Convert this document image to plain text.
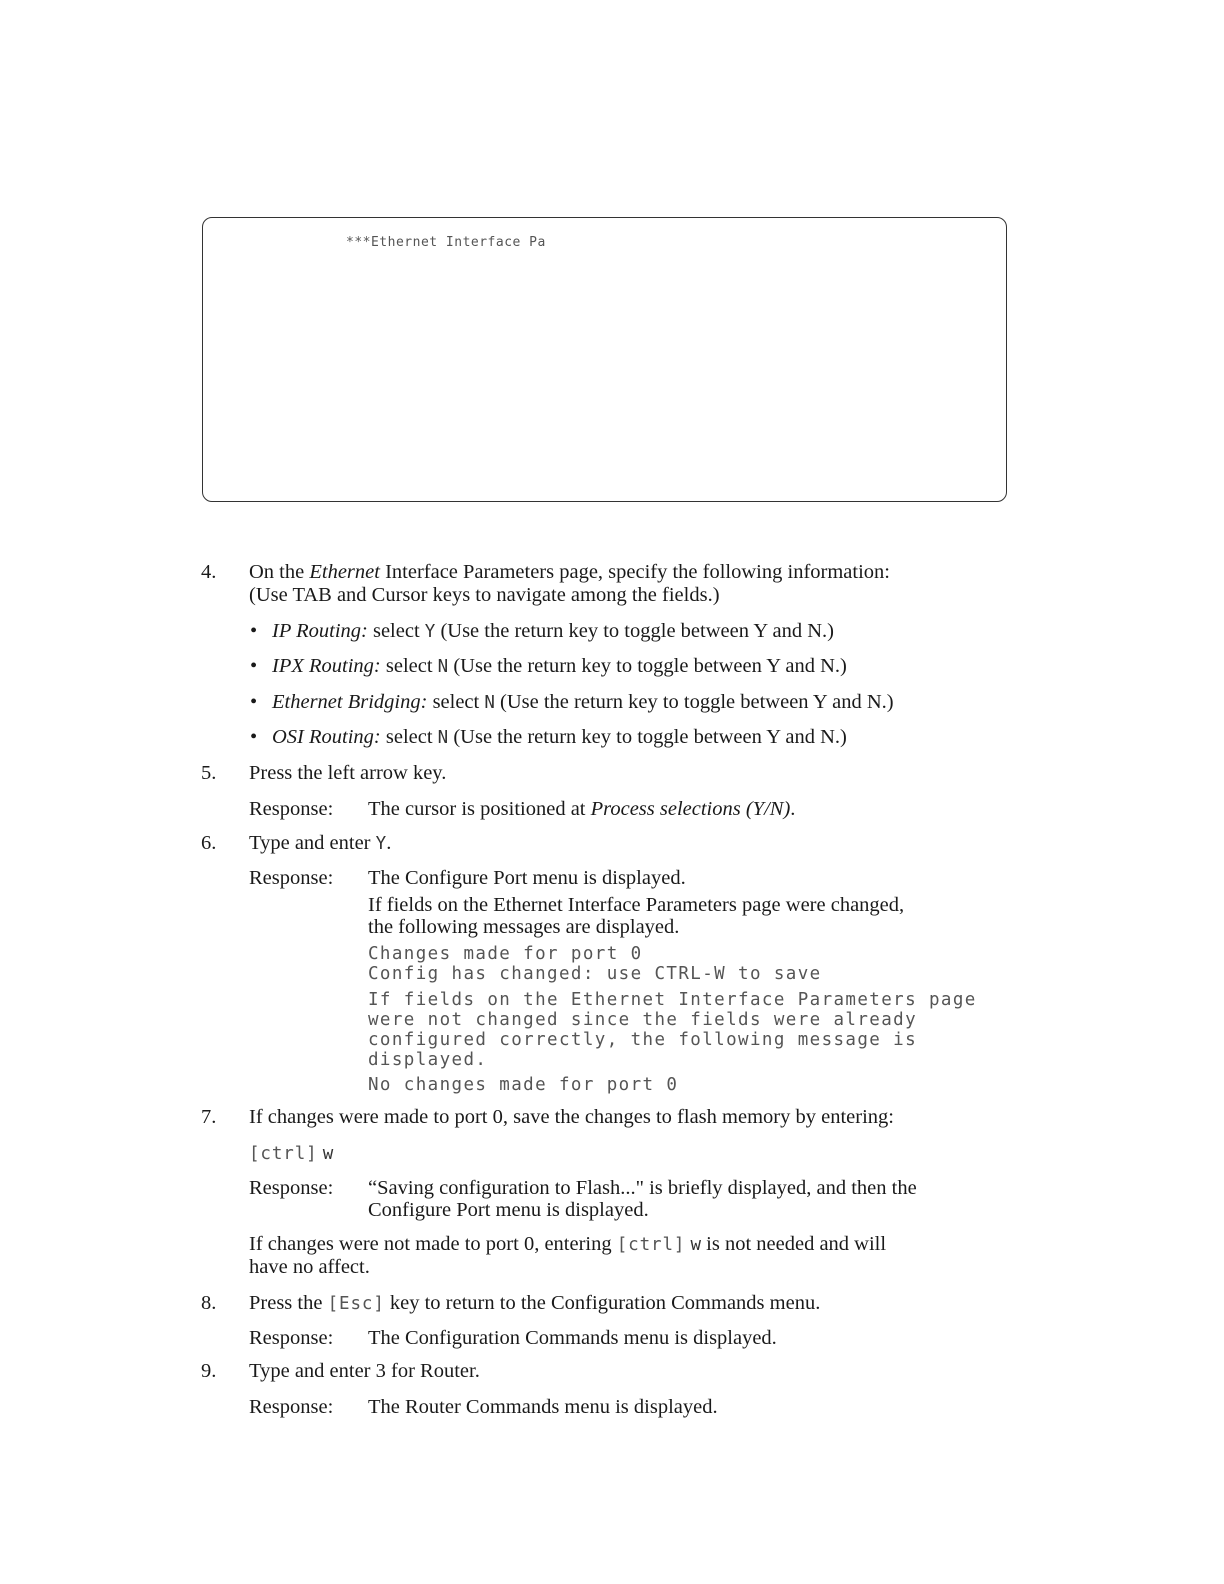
***Ethernet Interface Pa
4. On the Ethernet Interface Parameters page, specify the following information:
(Use TAB and Cursor keys to navigate among the fields.)
• IP Routing: select Y (Use the return key to toggle between Y and N.)
• IPX Routing: select N (Use the return key to toggle between Y and N.)
• Ethernet Bridging: select N (Use the return key to toggle between Y and N.)
• OSI Routing: select N (Use the return key to toggle between Y and N.)
5. Press the left arrow key.
Response: The cursor is positioned at Process selections (Y/N).
6. Type and enter Y.
Response: The Configure Port menu is displayed.
If fields on the Ethernet Interface Parameters page were changed,
the following messages are displayed.
Changes made for port 0
Config has changed: use CTRL-W to save
If fields on the Ethernet Interface Parameters page
were not changed since the fields were already
configured correctly, the following message is
displayed.
No changes made for port 0
7. If changes were made to port 0, save the changes to flash memory by entering:
[ctrl] w
Response: “Saving configuration to Flash..." is briefly displayed, and then the
Configure Port menu is displayed.
If changes were not made to port 0, entering [ctrl] w is not needed and will
have no affect.
8. Press the [Esc] key to return to the Configuration Commands menu.
Response: The Configuration Commands menu is displayed.
9. Type and enter 3 for Router.
Response: The Router Commands menu is displayed.
